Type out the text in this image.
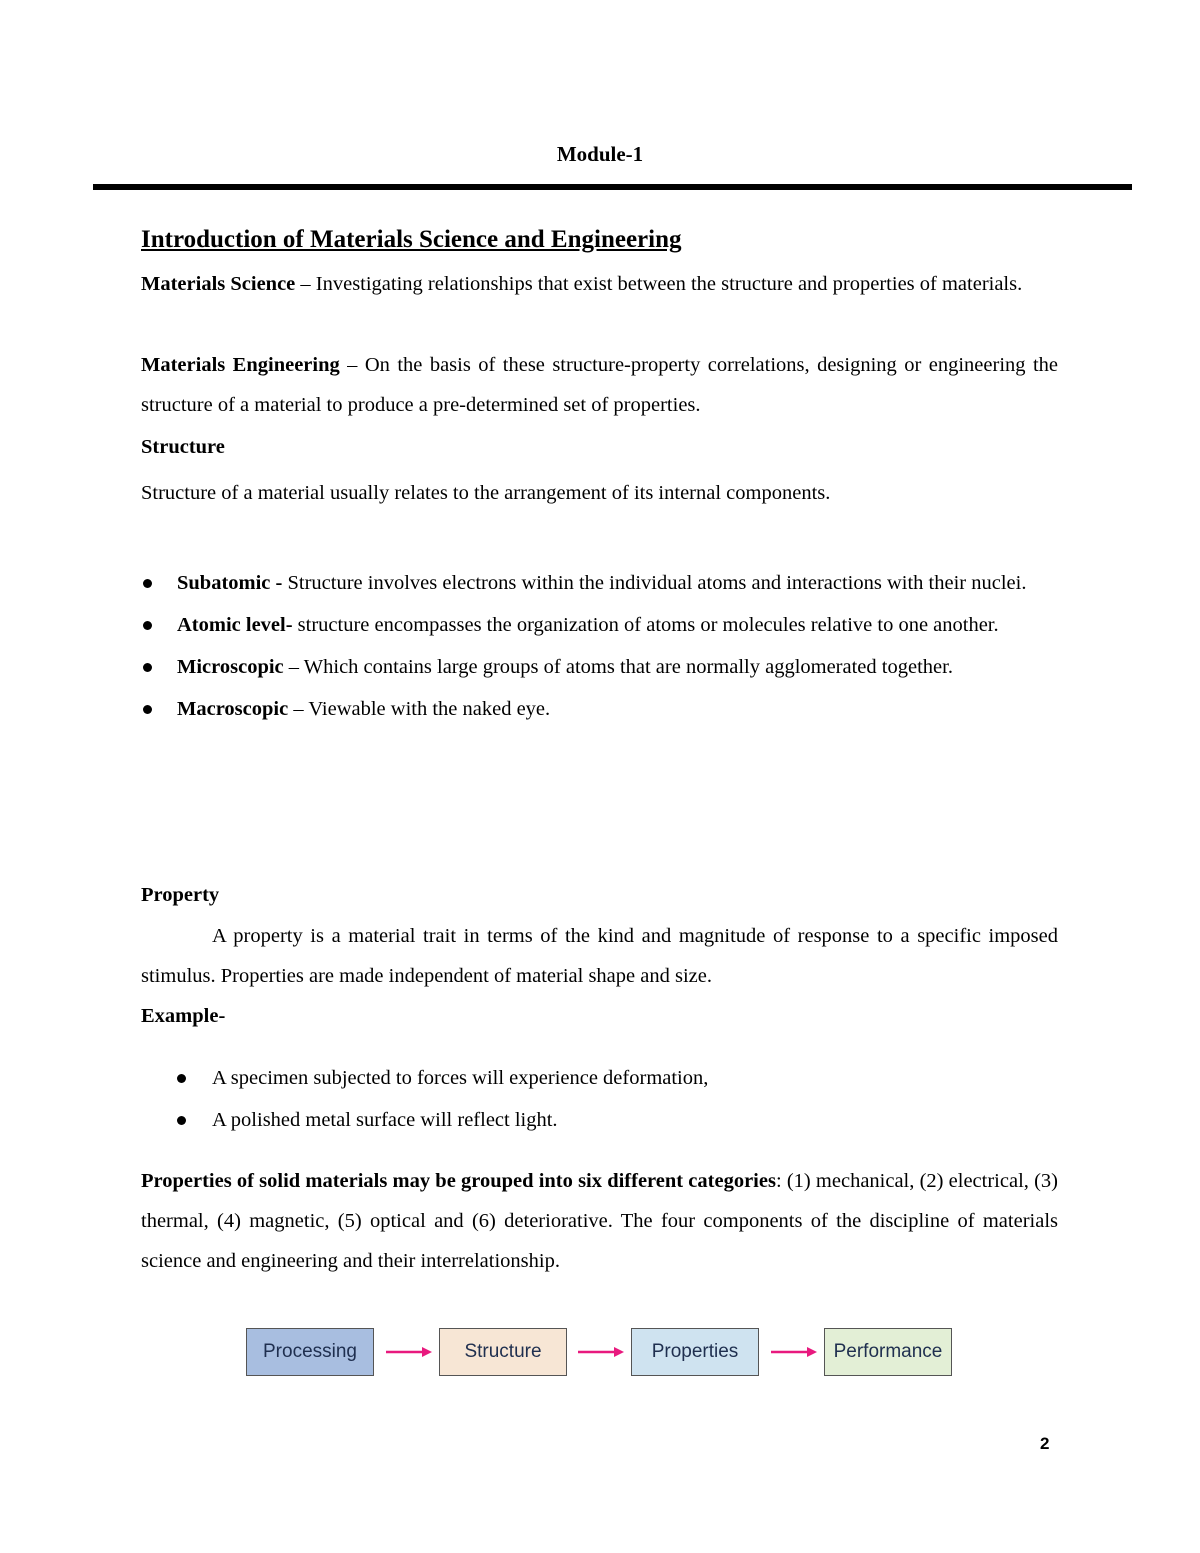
Module-1
Introduction of Materials Science and Engineering
Materials Science – Investigating relationships that exist between the structure and properties of materials.
Materials Engineering – On the basis of these structure-property correlations, designing or engineering the structure of a material to produce a pre-determined set of properties.
Structure
Structure of a material usually relates to the arrangement of its internal components.
Subatomic - Structure involves electrons within the individual atoms and interactions with their nuclei.
Atomic level- structure encompasses the organization of atoms or molecules relative to one another.
Microscopic – Which contains large groups of atoms that are normally agglomerated together.
Macroscopic – Viewable with the naked eye.
Property
A property is a material trait in terms of the kind and magnitude of response to a specific imposed stimulus. Properties are made independent of material shape and size.
Example-
A specimen subjected to forces will experience deformation,
A polished metal surface will reflect light.
Properties of solid materials may be grouped into six different categories: (1) mechanical, (2) electrical, (3) thermal, (4) magnetic, (5) optical and (6) deteriorative. The four components of the discipline of materials science and engineering and their interrelationship.
Processing	Structure	Properties	Performance
2
